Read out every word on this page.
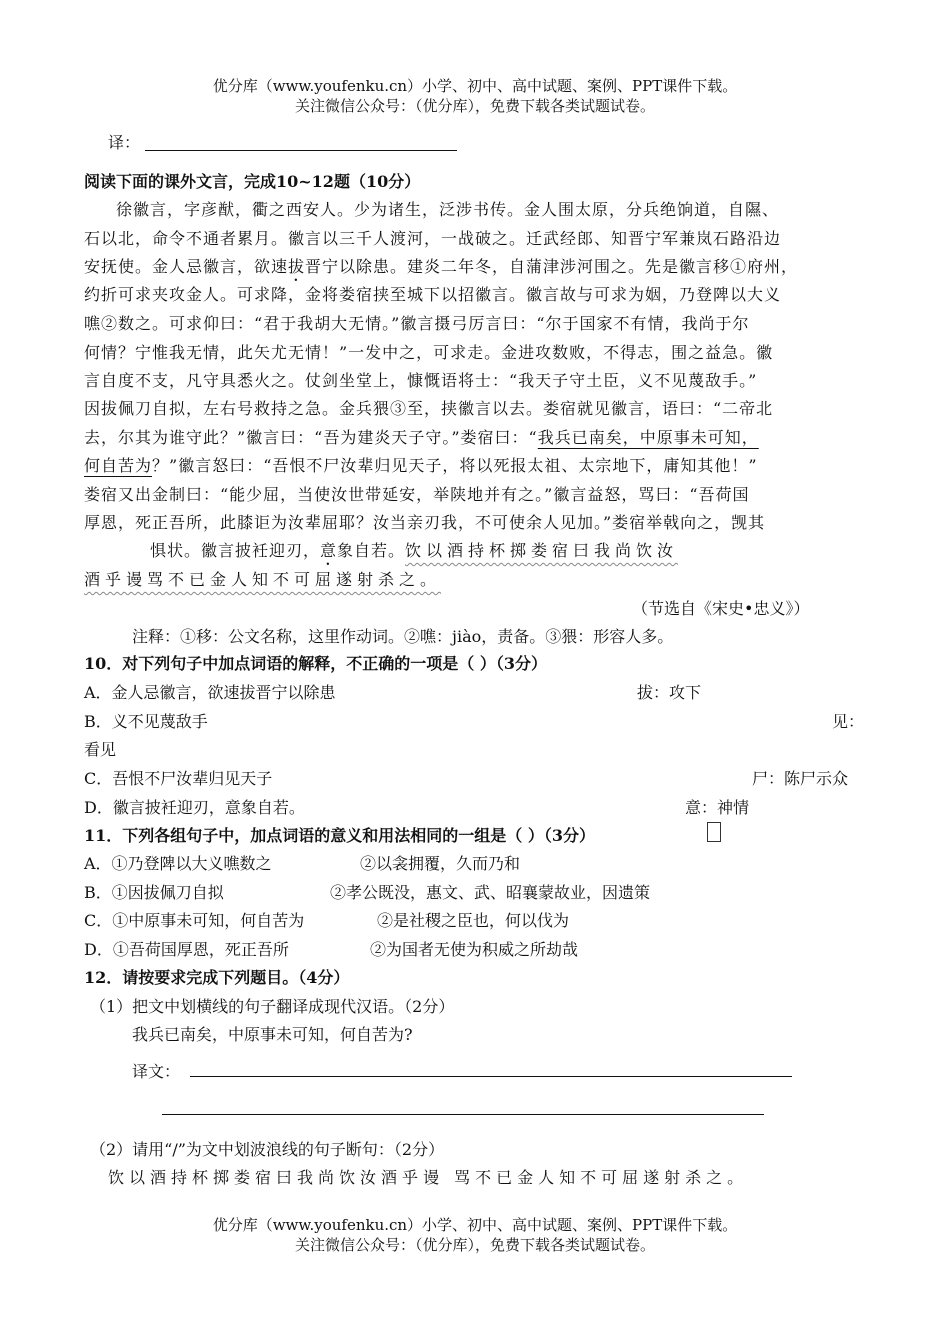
优分库（www.youfenku.cn）小学、初中、高中试题、案例、PPT课件下载。
关注微信公众号：（优分库），免费下载各类试题试卷。
译：
阅读下面的课外文言，完成10~12题（10分）
徐徽言，字彦猷，衢之西安人。少为诸生，泛涉书传。金人围太原，分兵绝饷道，自隰、
石以北，命令不通者累月。徽言以三千人渡河，一战破之。迁武经郎、知晋宁军兼岚石路沿边
安抚使。金人忌徽言，欲速拔晋宁以除患。建炎二年冬，自蒲津涉河围之。先是徽言移①府州，
约折可求夹攻金人。可求降，金将娄宿挟至城下以招徽言。徽言故与可求为姻，乃登陴以大义
噍②数之。可求仰曰：“君于我胡大无情。”徽言摄弓厉言曰：“尔于国家不有情，我尚于尔
何情？宁惟我无情，此矢尤无情！”一发中之，可求走。金进攻数败，不得志，围之益急。徽
言自度不支，凡守具悉火之。仗剑坐堂上，慷慨语将士：“我天子守土臣，义不见蔑敌手。”
因拔佩刀自拟，左右号救持之急。金兵猥③至，挟徽言以去。娄宿就见徽言，语曰：“二帝北
去，尔其为谁守此？”徽言曰：“吾为建炎天子守。”娄宿曰：“我兵已南矣，中原事未可知，
何自苦为？”徽言怒曰：“吾恨不尸汝辈归见天子，将以死报太祖、太宗地下，庸知其他！”
娄宿又出金制曰：“能少屈，当使汝世带延安，举陕地并有之。”徽言益怒，骂曰：“吾荷国
厚恩，死正吾所，此膝讵为汝辈屈耶？汝当亲刃我，不可使余人见加。”娄宿举戟向之，觊其
惧状。徽言披衽迎刃，意象自若。饮以酒持杯掷娄宿曰我尚饮汝
酒乎谩骂不已金人知不可屈遂射杀之。
（节选自《宋史•忠义》）
注释：①移：公文名称，这里作动词。②噍：jiào，责备。③猥：形容人多。
10．对下列句子中加点词语的解释，不正确的一项是（ ）（3分）
A．金人忌徽言，欲速拔晋宁以除患	拔：攻下
B．义不见蔑敌手	见：
看见
C．吾恨不尸汝辈归见天子	尸：陈尸示众
D．徽言披衽迎刃，意象自若。	意：神情
11．下列各组句子中，加点词语的意义和用法相同的一组是（ ）（3分）
A．①乃登陴以大义噍数之	②以衾拥覆，久而乃和
B．①因拔佩刀自拟	②孝公既没，惠文、武、昭襄蒙故业，因遗策
C．①中原事未可知，何自苦为	②是社稷之臣也，何以伐为
D．①吾荷国厚恩，死正吾所	②为国者无使为积威之所劫哉
12．请按要求完成下列题目。（4分）
（1）把文中划横线的句子翻译成现代汉语。（2分）
我兵已南矣，中原事未可知，何自苦为?
译文：
（2）请用“/”为文中划波浪线的句子断句：（2分）
饮以酒持杯掷娄宿曰我尚饮汝酒乎谩 骂不已金人知不可屈遂射杀之。
优分库（www.youfenku.cn）小学、初中、高中试题、案例、PPT课件下载。
关注微信公众号：（优分库），免费下载各类试题试卷。
